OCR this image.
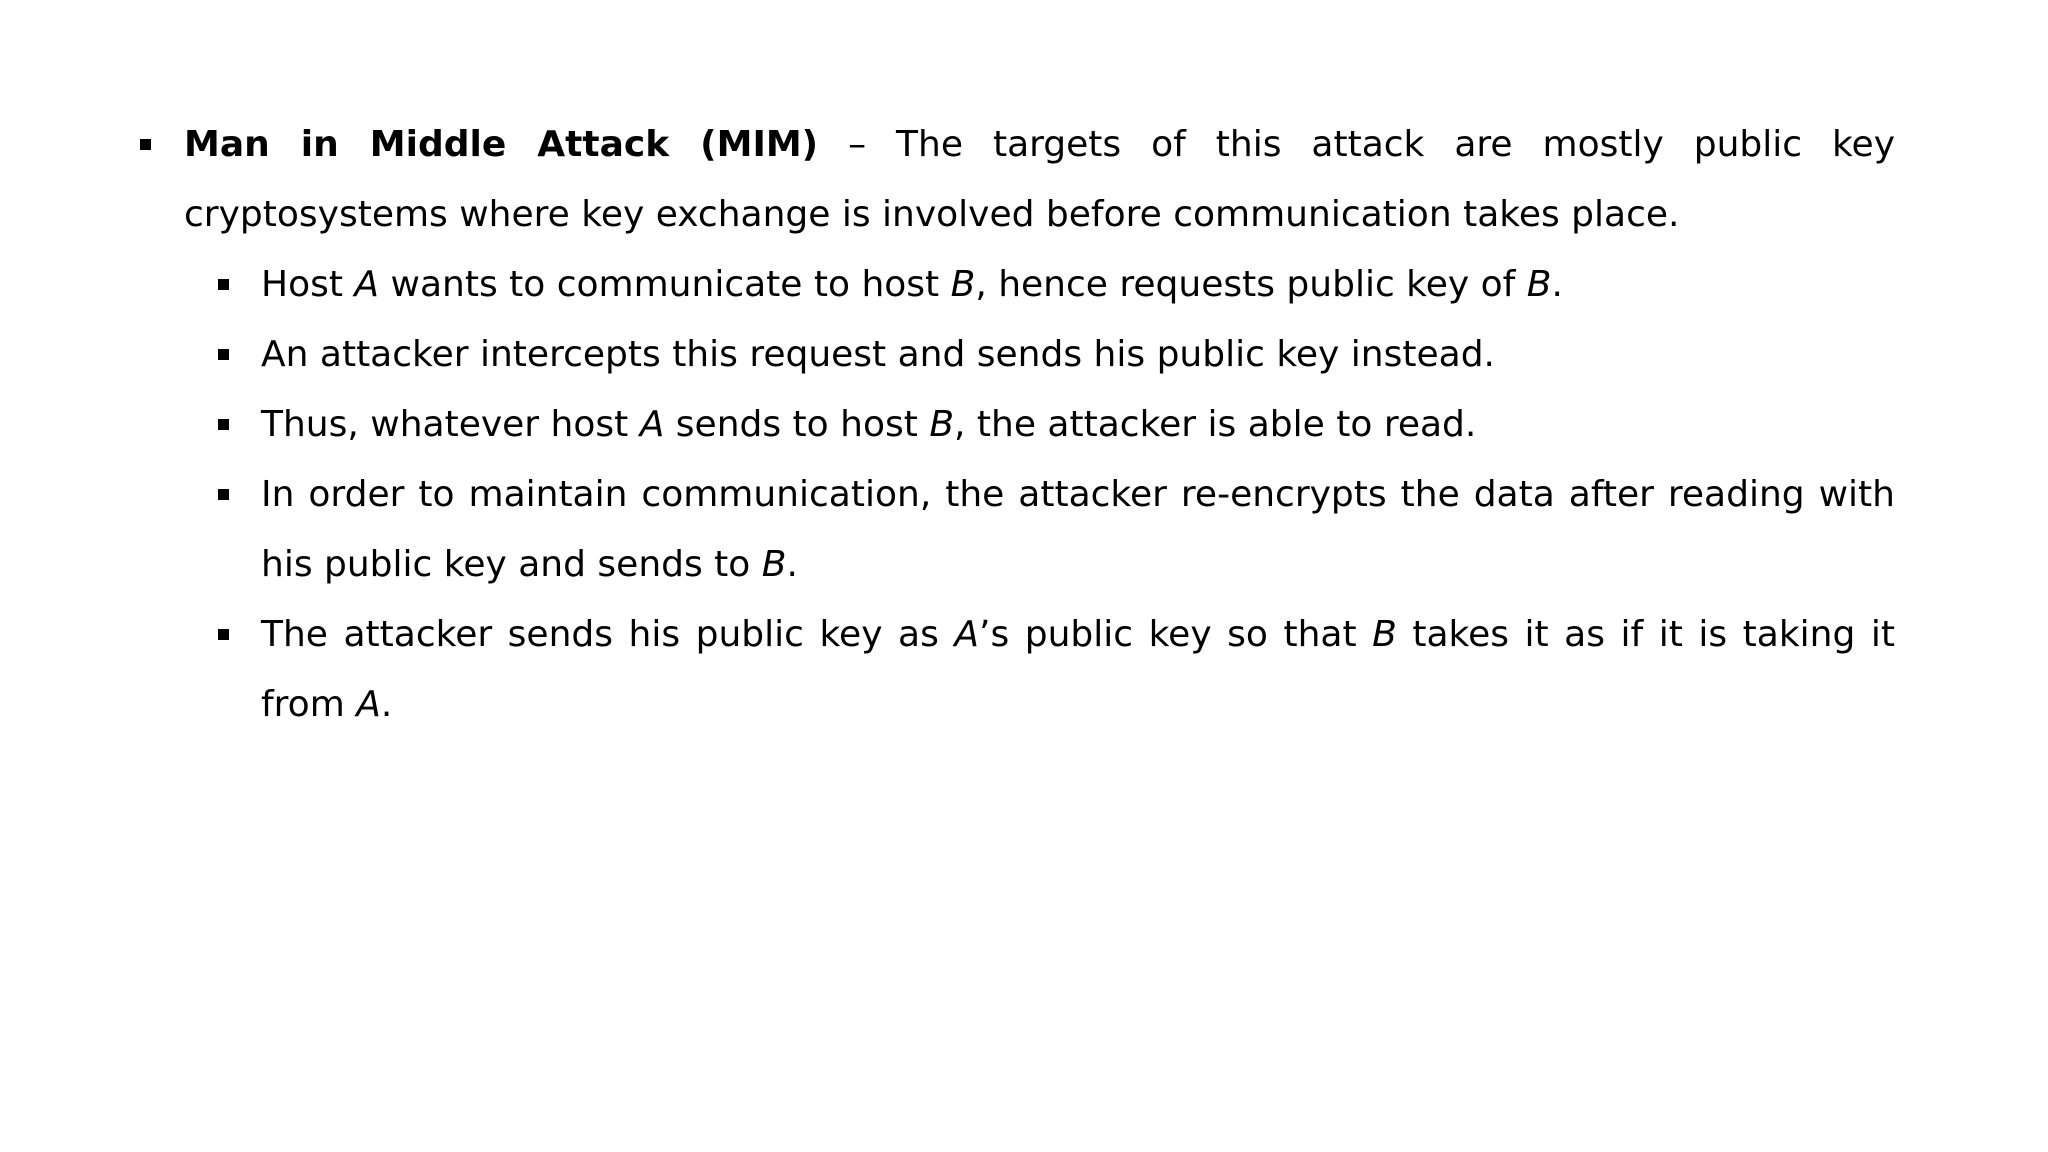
Man in Middle Attack (MIM) – The targets of this attack are mostly public key cryptosystems where key exchange is involved before communication takes place.
Host A wants to communicate to host B, hence requests public key of B.
An attacker intercepts this request and sends his public key instead.
Thus, whatever host A sends to host B, the attacker is able to read.
In order to maintain communication, the attacker re-encrypts the data after reading with his public key and sends to B.
The attacker sends his public key as A’s public key so that B takes it as if it is taking it from A.
